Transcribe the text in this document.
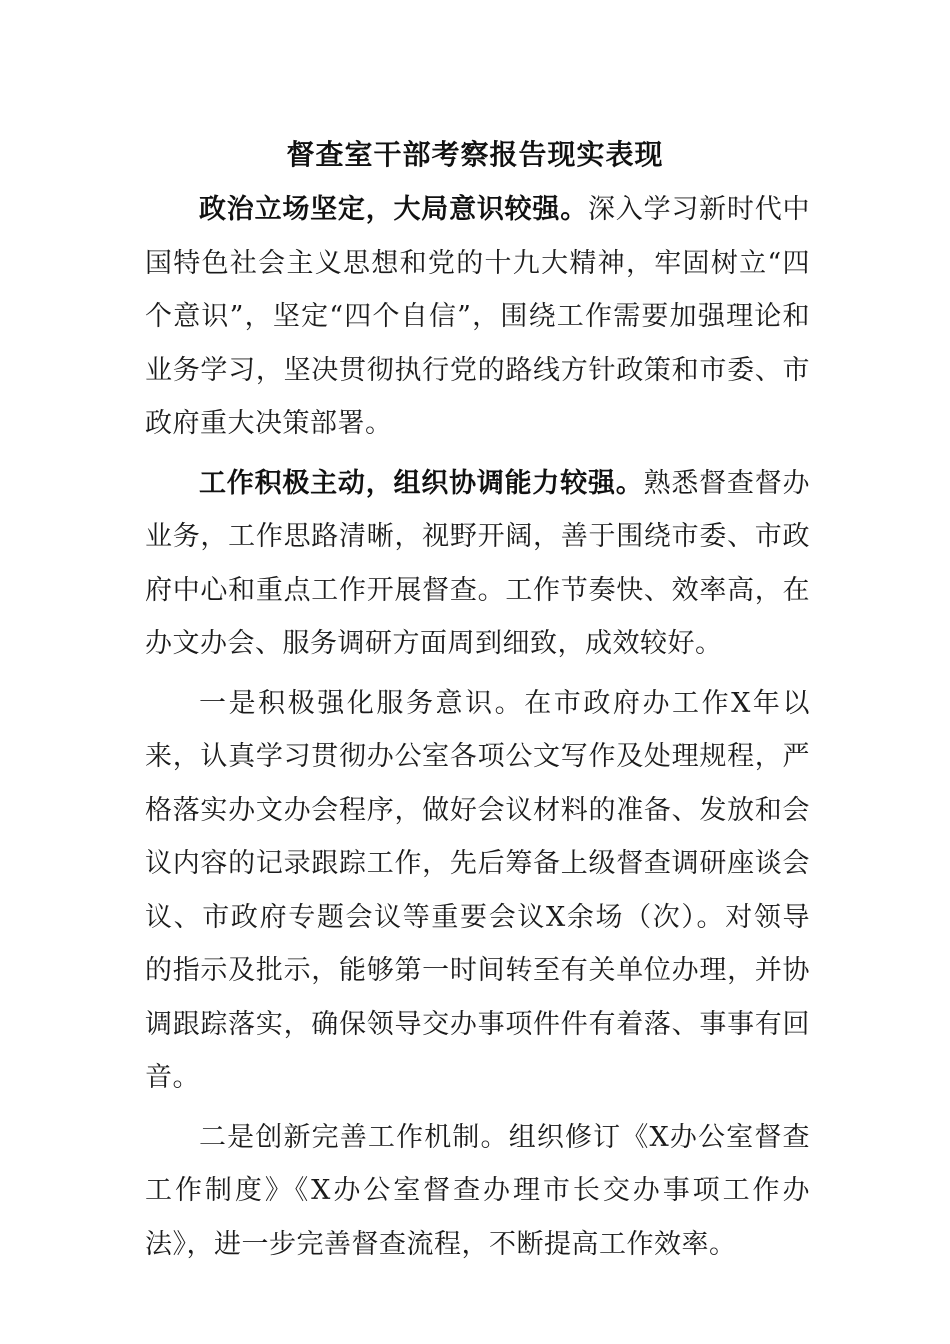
督查室干部考察报告现实表现

政治立场坚定，大局意识较强。深入学习新时代中国特色社会主义思想和党的十九大精神，牢固树立“四个意识”，坚定“四个自信”，围绕工作需要加强理论和业务学习，坚决贯彻执行党的路线方针政策和市委、市政府重大决策部署。

工作积极主动，组织协调能力较强。熟悉督查督办业务，工作思路清晰，视野开阔，善于围绕市委、市政府中心和重点工作开展督查。工作节奏快、效率高，在办文办会、服务调研方面周到细致，成效较好。

一是积极强化服务意识。在市政府办工作X年以来，认真学习贯彻办公室各项公文写作及处理规程，严格落实办文办会程序，做好会议材料的准备、发放和会议内容的记录跟踪工作，先后筹备上级督查调研座谈会议、市政府专题会议等重要会议X余场（次）。对领导的指示及批示，能够第一时间转至有关单位办理，并协调跟踪落实，确保领导交办事项件件有着落、事事有回音。

二是创新完善工作机制。组织修订《X办公室督查工作制度》《X办公室督查办理市长交办事项工作办法》，进一步完善督查流程，不断提高工作效率。
